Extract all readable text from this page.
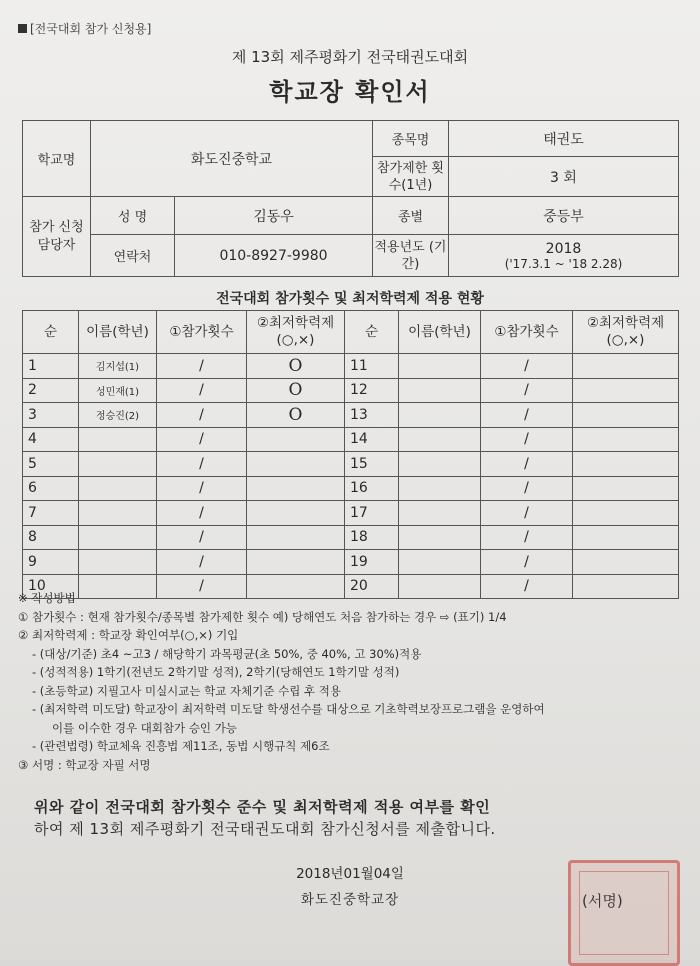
[전국대회 참가 신청용]
제 13회 제주평화기 전국태권도대회
학교장 확인서
학교명	화도진중학교		종목명	태권도
			참가제한 횟수(1년)	3 회
참가 신청 담당자	성 명	김동우	종별	중등부
	연락처	010-8927-9980	적용년도 (기간)	2018
('17.3.1 ~ '18 2.28)
전국대회 참가횟수 및 최저학력제 적용 현황
순	이름(학년)	①참가횟수	②최저학력제 (○,×)	순	이름(학년)	①참가횟수	②최저학력제 (○,×)
1	김지섭(1)	/	O	11		/	
2	성민재(1)	/	O	12		/	
3	정승진(2)	/	O	13		/	
4		/		14		/	
5		/		15		/	
6		/		16		/	
7		/		17		/	
8		/		18		/	
9		/		19		/	
10		/		20		/	
※ 작성방법
① 참가횟수 : 현재 참가횟수/종목별 참가제한 횟수 예) 당해연도 처음 참가하는 경우 ⇨ (표기) 1/4
② 최저학력제 : 학교장 확인여부(○,×) 기입
- (대상/기준) 초4 ~고3 / 해당학기 과목평균(초 50%, 중 40%, 고 30%)적용
- (성적적용) 1학기(전년도 2학기말 성적), 2학기(당해연도 1학기말 성적)
- (초등학교) 지필고사 미실시교는 학교 자체기준 수립 후 적용
- (최저학력 미도달) 학교장이 최저학력 미도달 학생선수를 대상으로 기초학력보장프로그램을 운영하여
이를 이수한 경우 대회참가 승인 가능
- (관련법령) 학교체육 진흥법 제11조, 동법 시행규칙 제6조
③ 서명 : 학교장 자필 서명
위와 같이 전국대회 참가횟수 준수 및 최저학력제 적용 여부를 확인
하여 제 13회 제주평화기 전국태권도대회 참가신청서를 제출합니다.
2018년01월04일
화도진중학교장	(서명)
